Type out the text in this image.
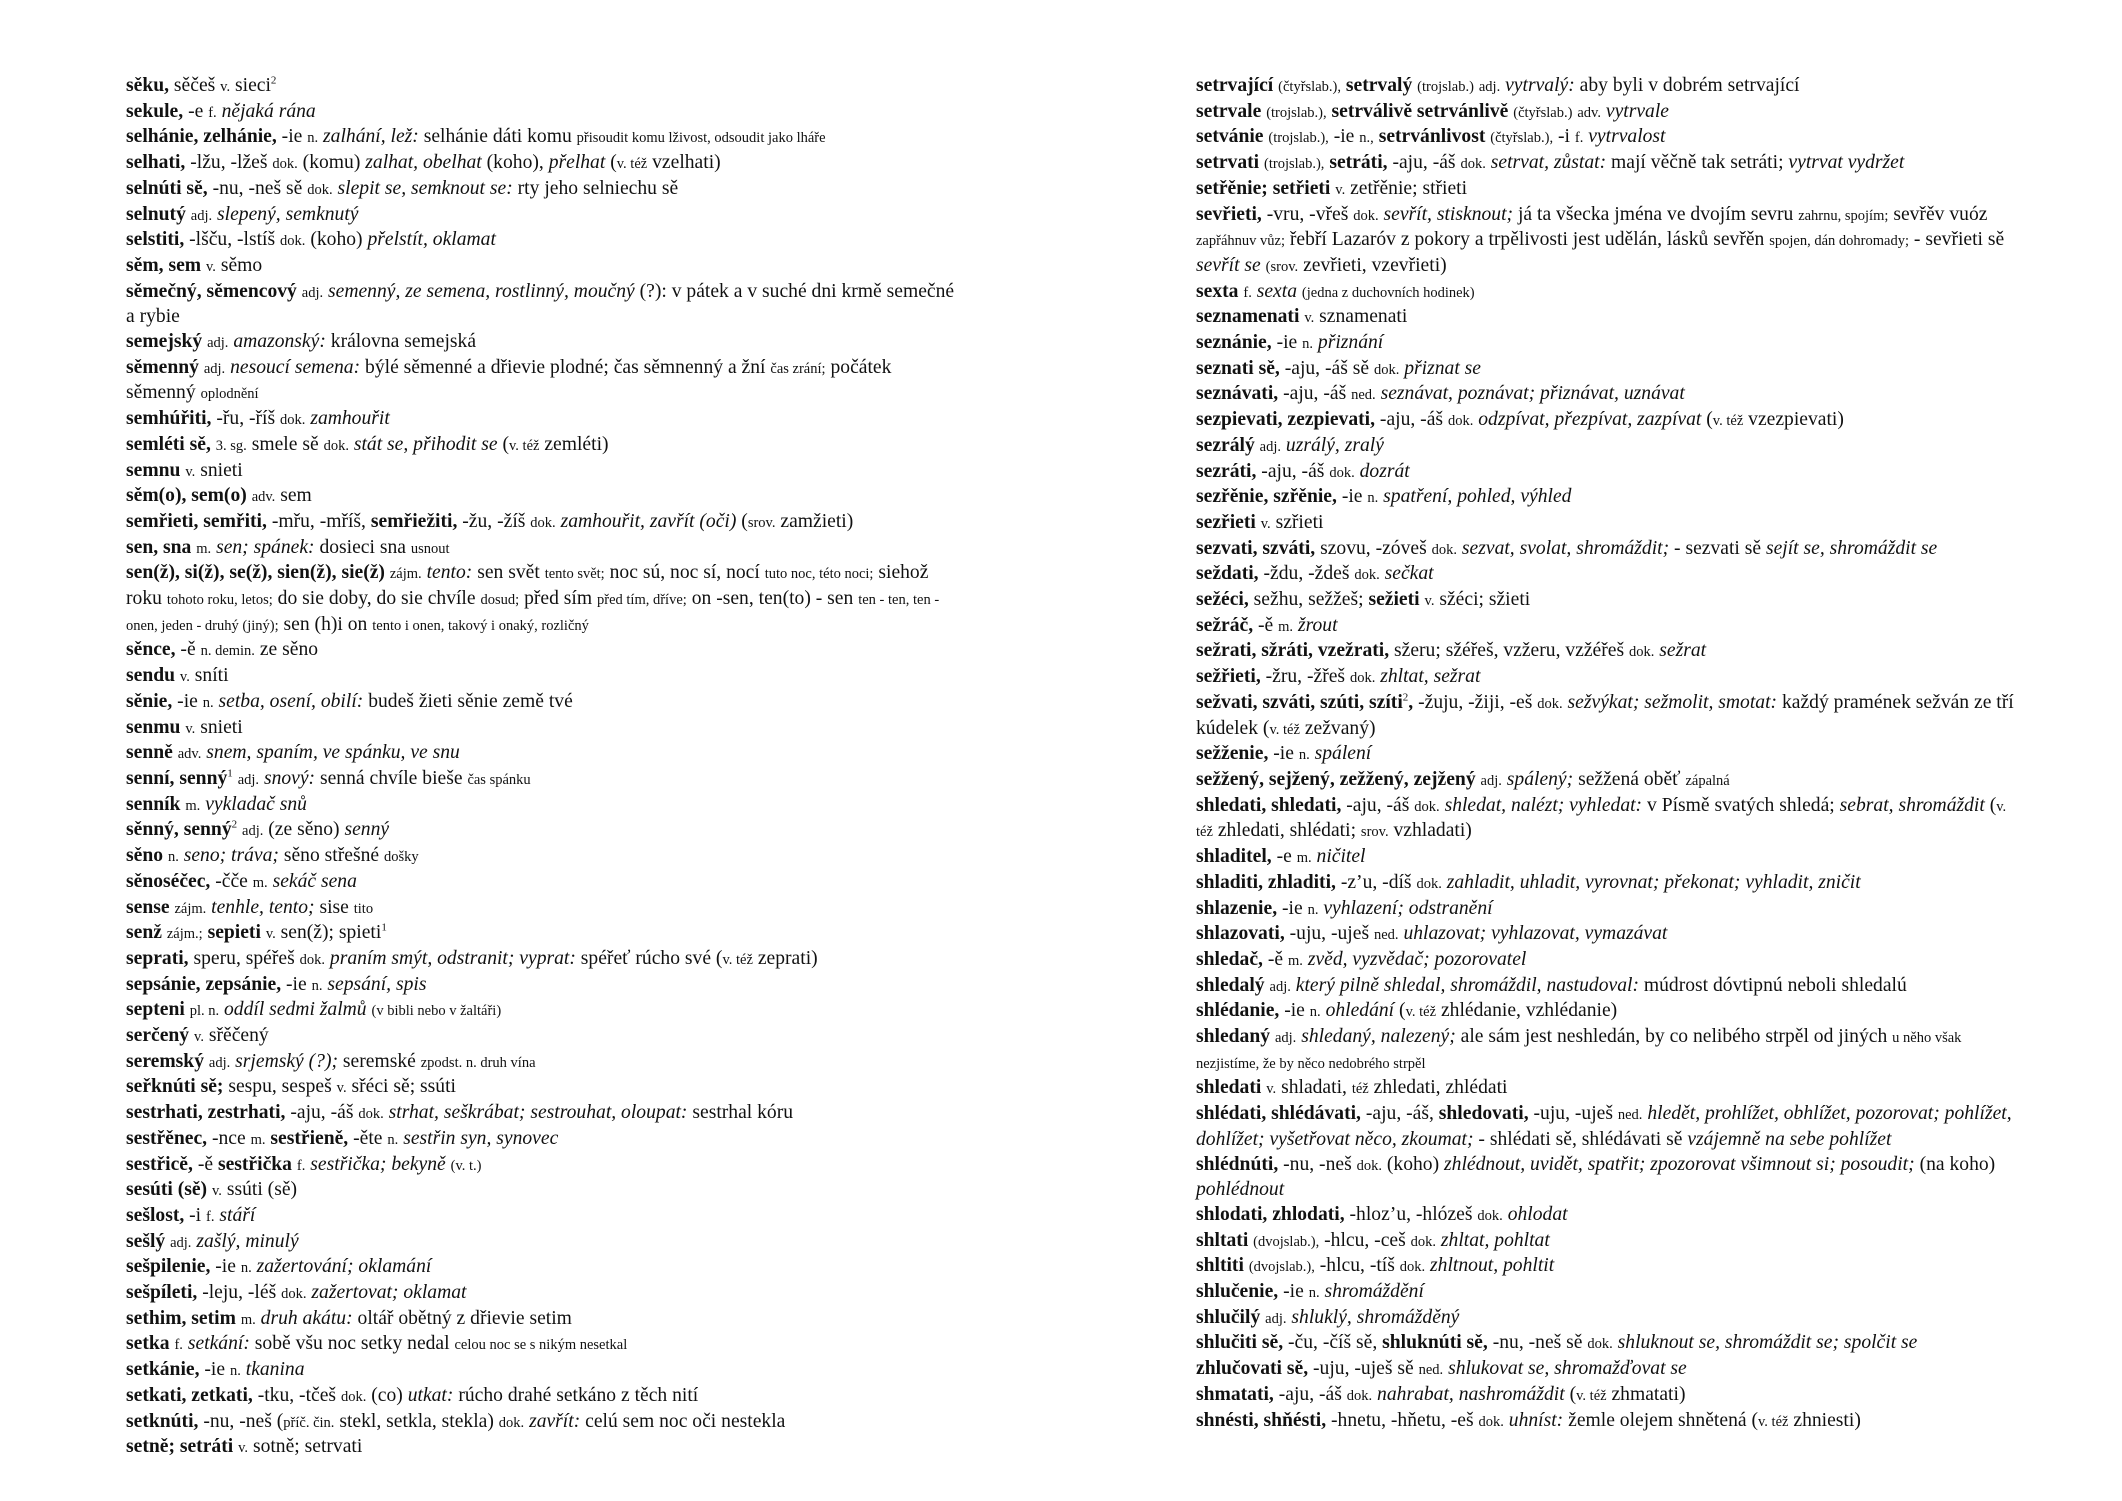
sěku, sěčeš v. sieci$^2$

sekule, -e f. nějaká rána

selhánie, zelhánie, -ie n. zalhání, lež: selhánie dáti komu přisoudit komu lživost, odsoudit jako lháře

selhati, -lžu, -lžeš dok. (komu) zalhat, obelhat (koho), přelhat (v. též vzelhati)

selnúti sě, -nu, -neš sě dok. slepit se, semknout se: rty jeho selniechu sě

selnutý adj. slepený, semknutý

selstiti, -lšču, -lstíš dok. (koho) přelstít, oklamat

sěm, sem v. sěmo

sěmečný, sěmencový adj. semenný, ze semena, rostlinný, moučný (?): v pátek a v suché dni krmě semečné a rybie

semejský adj. amazonský: královna semejská

sěmenný adj. nesoucí semena: býlé sěmenné a dřievie plodné; čas sěmnenný a žní čas zrání; počátek sěmenný oplodnění

semhúřiti, -řu, -říš dok. zamhouřit

semléti sě, 3. sg. smele sě dok. stát se, přihodit se (v. též zemléti)

semnu v. snieti

sěm(o), sem(o) adv. sem

semřieti, semřiti, -mřu, -mříš, semřiežiti, -žu, -žíš dok. zamhouřit, zavřít (oči) (srov. zamžieti)

sen, sna m. sen; spánek: dosieci sna usnout

sen(ž), si(ž), se(ž), sien(ž), sie(ž) zájm. tento: sen svět tento svět; noc sú, noc sí, nocí tuto noc, této noci; siehož roku tohoto roku, letos; do sie doby, do sie chvíle dosud; před sím před tím, dříve; on -sen, ten(to) - sen ten - ten, ten - onen, jeden - druhý (jiný); sen (h)i on tento i onen, takový i onaký, rozličný

sěnce, -ě n. demin. ze sěno

sendu v. sníti

sěnie, -ie n. setba, osení, obilí: budeš žieti sěnie země tvé

senmu v. snieti

senně adv. snem, spaním, ve spánku, ve snu

senní, senný$^1$ adj. snový: senná chvíle bieše čas spánku

senník m. vykladač snů

sěnný, senný$^2$ adj. (ze sěno) senný

sěno n. seno; tráva; sěno střešné došky

sěnoséčec, -čče m. sekáč sena

sense zájm. tenhle, tento; sise tito

senž zájm.; sepieti v. sen(ž); spieti$^1$

seprati, speru, spéřeš dok. praním smýt, odstranit; vyprat: spéřeť rúcho své (v. též zeprati)

sepsánie, zepsánie, -ie n. sepsání, spis

septeni pl. n. oddíl sedmi žalmů (v bibli nebo v žaltáři)

serčený v. sřěčený

seremský adj. srjemský (?); seremské zpodst. n. druh vína

seřknúti sě; sespu, sespeš v. sřéci sě; ssúti

sestrhati, zestrhati, -aju, -áš dok. strhat, seškrábat; sestrouhat, oloupat: sestrhal kóru

sestřěnec, -nce m. sestřieně, -ěte n. sestřin syn, synovec

sestřicě, -ě sestřička f. sestřička; bekyně (v. t.)

sesúti (sě) v. ssúti (sě)

sešlost, -i f. stáří

sešlý adj. zašlý, minulý

sešpilenie, -ie n. zažertování; oklamání

sešpíleti, -leju, -léš dok. zažertovat; oklamat

sethim, setim m. druh akátu: oltář obětný z dřievie setim

setka f. setkání: sobě všu noc setky nedal celou noc se s nikým nesetkal

setkánie, -ie n. tkanina

setkati, zetkati, -tku, -tčeš dok. (co) utkat: rúcho drahé setkáno z těch nití

setknúti, -nu, -neš (příč. čin. stekl, setkla, stekla) dok. zavřít: celú sem noc oči nestekla

setně; setráti v. sotně; setrvati

setrvající (čtyřslab.), setrvalý (trojslab.) adj. vytrvalý: aby byli v dobrém setrvající

setrvale (trojslab.), setrválivě setrvánlivě (čtyřslab.) adv. vytrvale

setvánie (trojslab.), -ie n., setrvánlivost (čtyřslab.), -i f. vytrvalost

setrvati (trojslab.), setráti, -aju, -áš dok. setrvat, zůstat: mají věčně tak setráti; vytrvat vydržet

setřěnie; setřieti v. zetřěnie; střieti

sevřieti, -vru, -vřeš dok. sevřít, stisknout; já ta všecka jména ve dvojím sevru zahrnu, spojím; sevřěv vuóz zapřáhnuv vůz; řebří Lazaróv z pokory a trpělivosti jest udělán, lásků sevřěn spojen, dán dohromady; - sevřieti sě sevřít se (srov. zevřieti, vzevřieti)

sexta f. sexta (jedna z duchovních hodinek)

seznamenati v. sznamenati

seznánie, -ie n. přiznání

seznati sě, -aju, -áš sě dok. přiznat se

seznávati, -aju, -áš ned. seznávat, poznávat; přiznávat, uznávat

sezpievati, zezpievati, -aju, -áš dok. odzpívat, přezpívat, zazpívat (v. též vzezpievati)

sezrálý adj. uzrálý, zralý

sezráti, -aju, -áš dok. dozrát

sezřěnie, szřěnie, -ie n. spatření, pohled, výhled

sezřieti v. szřieti

sezvati, szváti, szovu, -zóveš dok. sezvat, svolat, shromáždit; - sezvati sě sejít se, shromáždit se

seždati, -ždu, -ždeš dok. sečkat

sežéci, sežhu, sežžeš; sežieti v. sžéci; sžieti

sežráč, -ě m. žrout

sežrati, sžráti, vzežrati, sžeru; sžéřeš, vzžeru, vzžéřeš dok. sežrat

sežřieti, -žru, -žřeš dok. zhltat, sežrat

sežvati, szváti, szúti, szíti$^2$, -žuju, -žiji, -eš dok. sežvýkat; sežmolit, smotat: každý pramének sežván ze tří kúdelek (v. též zežvaný)

sežženie, -ie n. spálení

sežžený, sejžený, zežžený, zejžený adj. spálený; sežžená oběť zápalná

shledati, shledati, -aju, -áš dok. shledat, nalézt; vyhledat: v Písmě svatých shledá; sebrat, shromáždit (v. též zhledati, shlédati; srov. vzhladati)

shladitel, -e m. ničitel

shladiti, zhladiti, -z’u, -díš dok. zahladit, uhladit, vyrovnat; překonat; vyhladit, zničit

shlazenie, -ie n. vyhlazení; odstranění

shlazovati, -uju, -uješ ned. uhlazovat; vyhlazovat, vymazávat

shledač, -ě m. zvěd, vyzvědač; pozorovatel

shledalý adj. který pilně shledal, shromáždil, nastudoval: múdrost dóvtipnú neboli shledalú

shlédanie, -ie n. ohledání (v. též zhlédanie, vzhlédanie)

shledaný adj. shledaný, nalezený; ale sám jest neshledán, by co nelibého strpěl od jiných u něho však nezjistíme, že by něco nedobrého strpěl

shledati v. shladati, též zhledati, zhlédati

shlédati, shlédávati, -aju, -áš, shledovati, -uju, -uješ ned. hledět, prohlížet, obhlížet, pozorovat; pohlížet, dohlížet; vyšetřovat něco, zkoumat; - shlédati sě, shlédávati sě vzájemně na sebe pohlížet

shlédnúti, -nu, -neš dok. (koho) zhlédnout, uvidět, spatřit; zpozorovat všimnout si; posoudit; (na koho) pohlédnout

shlodati, zhlodati, -hloz’u, -hlózeš dok. ohlodat

shltati (dvojslab.), -hlcu, -ceš dok. zhltat, pohltat

shltiti (dvojslab.), -hlcu, -tíš dok. zhltnout, pohltit

shlučenie, -ie n. shromáždění

shlučilý adj. shluklý, shromážděný

shlučiti sě, -ču, -číš sě, shluknúti sě, -nu, -neš sě dok. shluknout se, shromáždit se; spolčit se

zhlučovati sě, -uju, -uješ sě ned. shlukovat se, shromažďovat se

shmatati, -aju, -áš dok. nahrabat, nashromáždit (v. též zhmatati)

shnésti, shňésti, -hnetu, -hňetu, -eš dok. uhníst: žemle olejem shnětená (v. též zhniesti)
